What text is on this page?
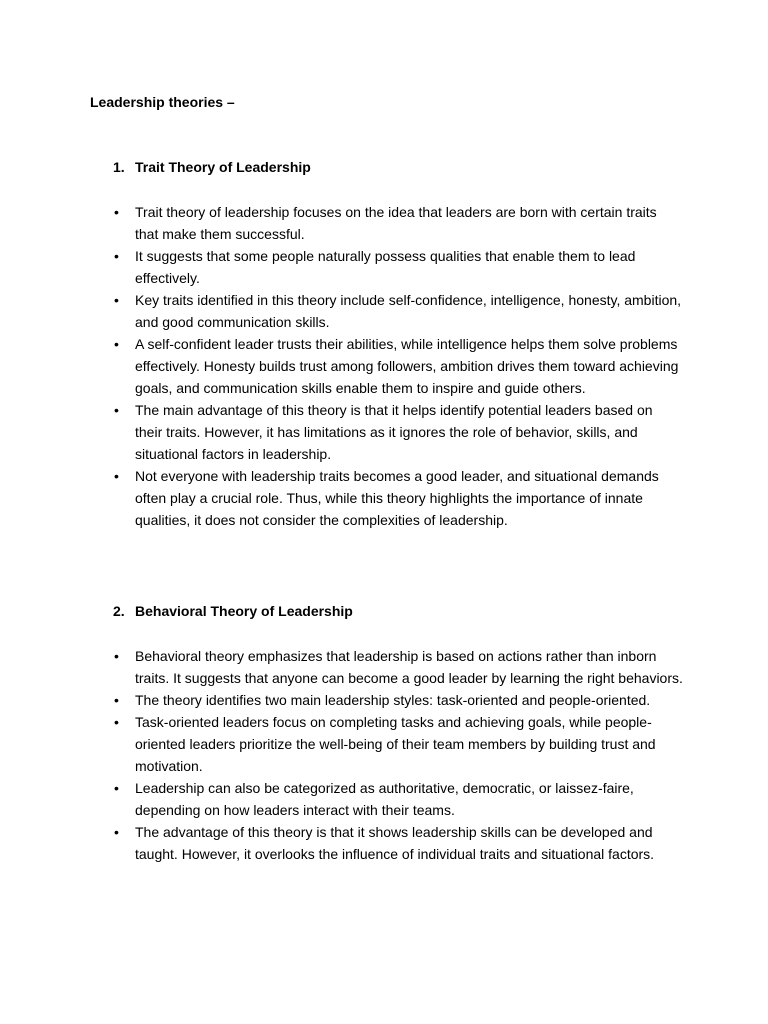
Leadership theories –
1. Trait Theory of Leadership
• Trait theory of leadership focuses on the idea that leaders are born with certain traits that make them successful.
• It suggests that some people naturally possess qualities that enable them to lead effectively.
• Key traits identified in this theory include self-confidence, intelligence, honesty, ambition, and good communication skills.
• A self-confident leader trusts their abilities, while intelligence helps them solve problems effectively. Honesty builds trust among followers, ambition drives them toward achieving goals, and communication skills enable them to inspire and guide others.
• The main advantage of this theory is that it helps identify potential leaders based on their traits. However, it has limitations as it ignores the role of behavior, skills, and situational factors in leadership.
• Not everyone with leadership traits becomes a good leader, and situational demands often play a crucial role. Thus, while this theory highlights the importance of innate qualities, it does not consider the complexities of leadership.
2. Behavioral Theory of Leadership
• Behavioral theory emphasizes that leadership is based on actions rather than inborn traits. It suggests that anyone can become a good leader by learning the right behaviors.
• The theory identifies two main leadership styles: task-oriented and people-oriented.
• Task-oriented leaders focus on completing tasks and achieving goals, while people-oriented leaders prioritize the well-being of their team members by building trust and motivation.
• Leadership can also be categorized as authoritative, democratic, or laissez-faire, depending on how leaders interact with their teams.
• The advantage of this theory is that it shows leadership skills can be developed and taught. However, it overlooks the influence of individual traits and situational factors.
